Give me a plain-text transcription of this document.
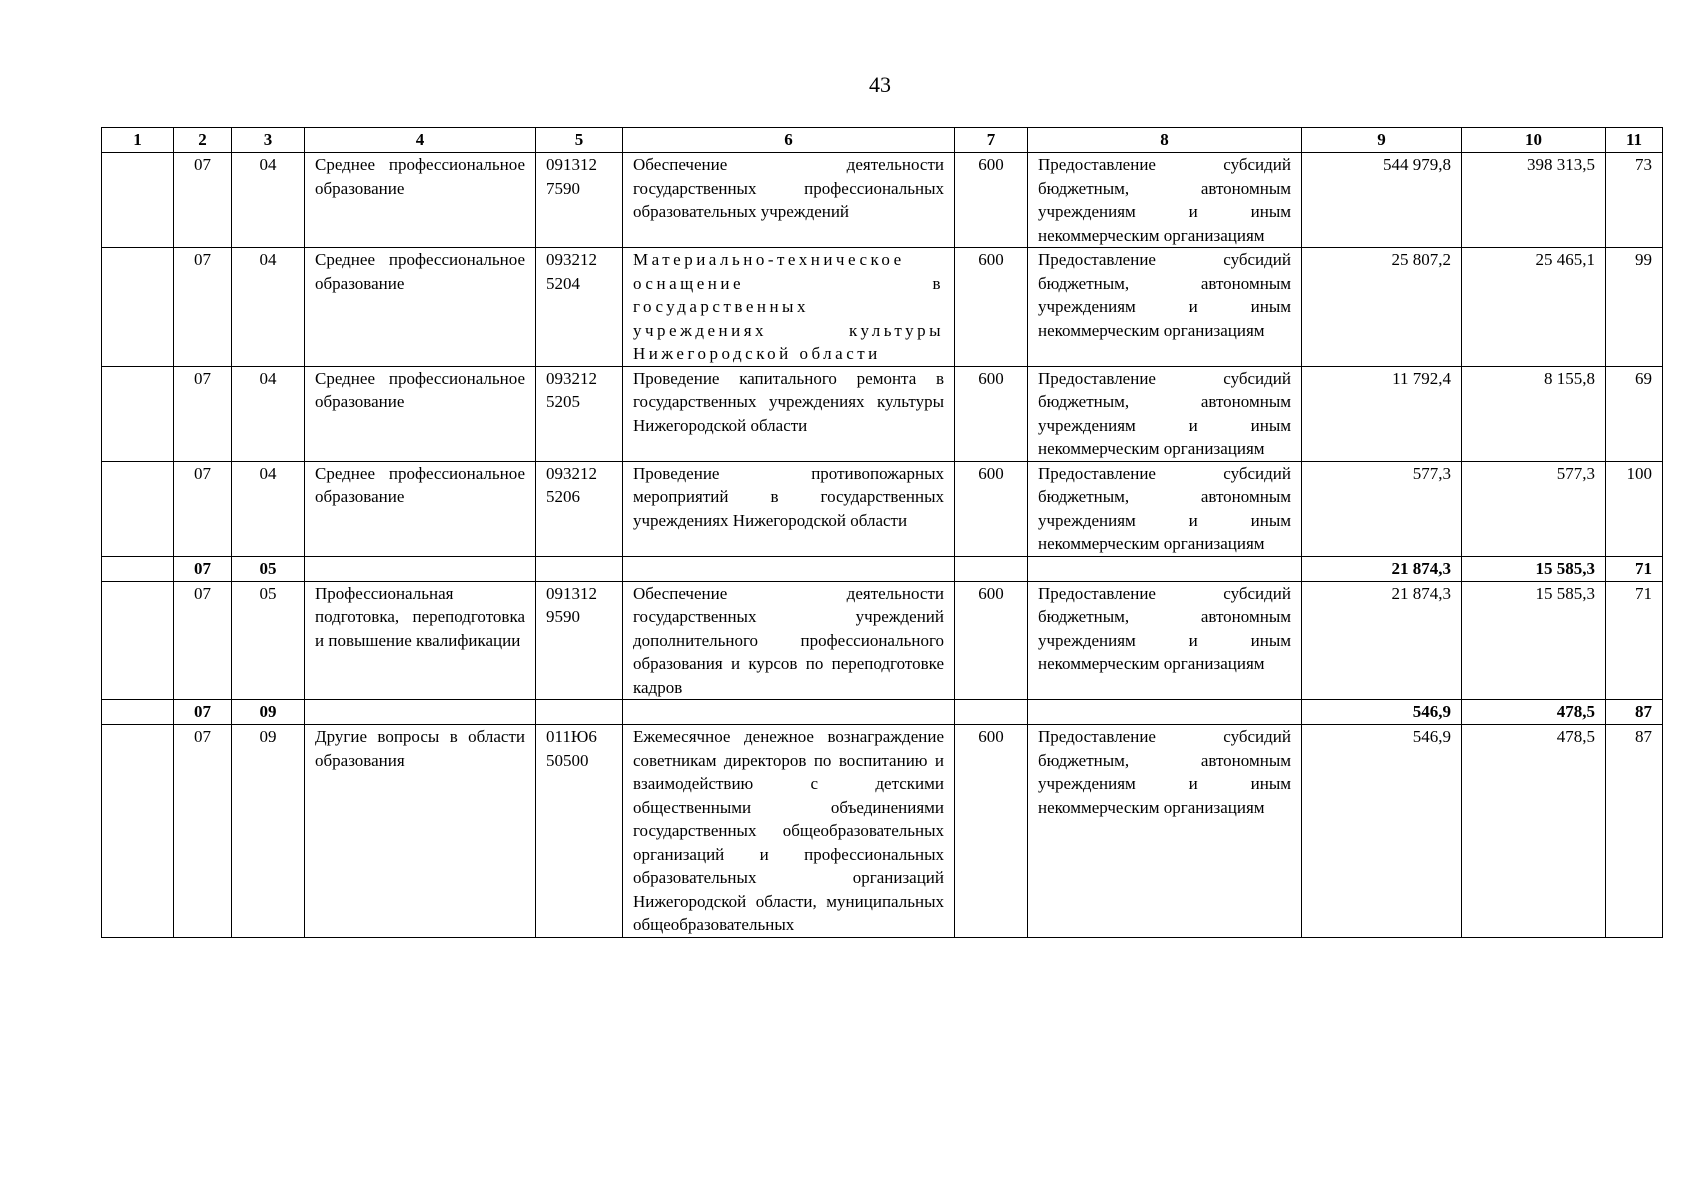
43
1	2	3	4	5	6	7	8	9	10	11
	07	04	Среднее профессиональное образование	091312 7590	Обеспечение деятельности государственных профессиональных образовательных учреждений	600	Предоставление субсидий бюджетным, автономным учреждениям и иным некоммерческим организациям	544 979,8	398 313,5	73
	07	04	Среднее профессиональное образование	093212 5204	Материально-техническое оснащение в государственных учреждениях культуры Нижегородской области	600	Предоставление субсидий бюджетным, автономным учреждениям и иным некоммерческим организациям	25 807,2	25 465,1	99
	07	04	Среднее профессиональное образование	093212 5205	Проведение капитального ремонта в государственных учреждениях культуры Нижегородской области	600	Предоставление субсидий бюджетным, автономным учреждениям и иным некоммерческим организациям	11 792,4	8 155,8	69
	07	04	Среднее профессиональное образование	093212 5206	Проведение противопожарных мероприятий в государственных учреждениях Нижегородской области	600	Предоставление субсидий бюджетным, автономным учреждениям и иным некоммерческим организациям	577,3	577,3	100
	07	05						21 874,3	15 585,3	71
	07	05	Профессиональная подготовка, переподготовка и повышение квалификации	091312 9590	Обеспечение деятельности государственных учреждений дополнительного профессионального образования и курсов по переподготовке кадров	600	Предоставление субсидий бюджетным, автономным учреждениям и иным некоммерческим организациям	21 874,3	15 585,3	71
	07	09						546,9	478,5	87
	07	09	Другие вопросы в области образования	011Ю6 50500	Ежемесячное денежное вознаграждение советникам директоров по воспитанию и взаимодействию с детскими общественными объединениями государственных общеобразовательных организаций и профессиональных образовательных организаций Нижегородской области, муниципальных общеобразовательных	600	Предоставление субсидий бюджетным, автономным учреждениям и иным некоммерческим организациям	546,9	478,5	87
